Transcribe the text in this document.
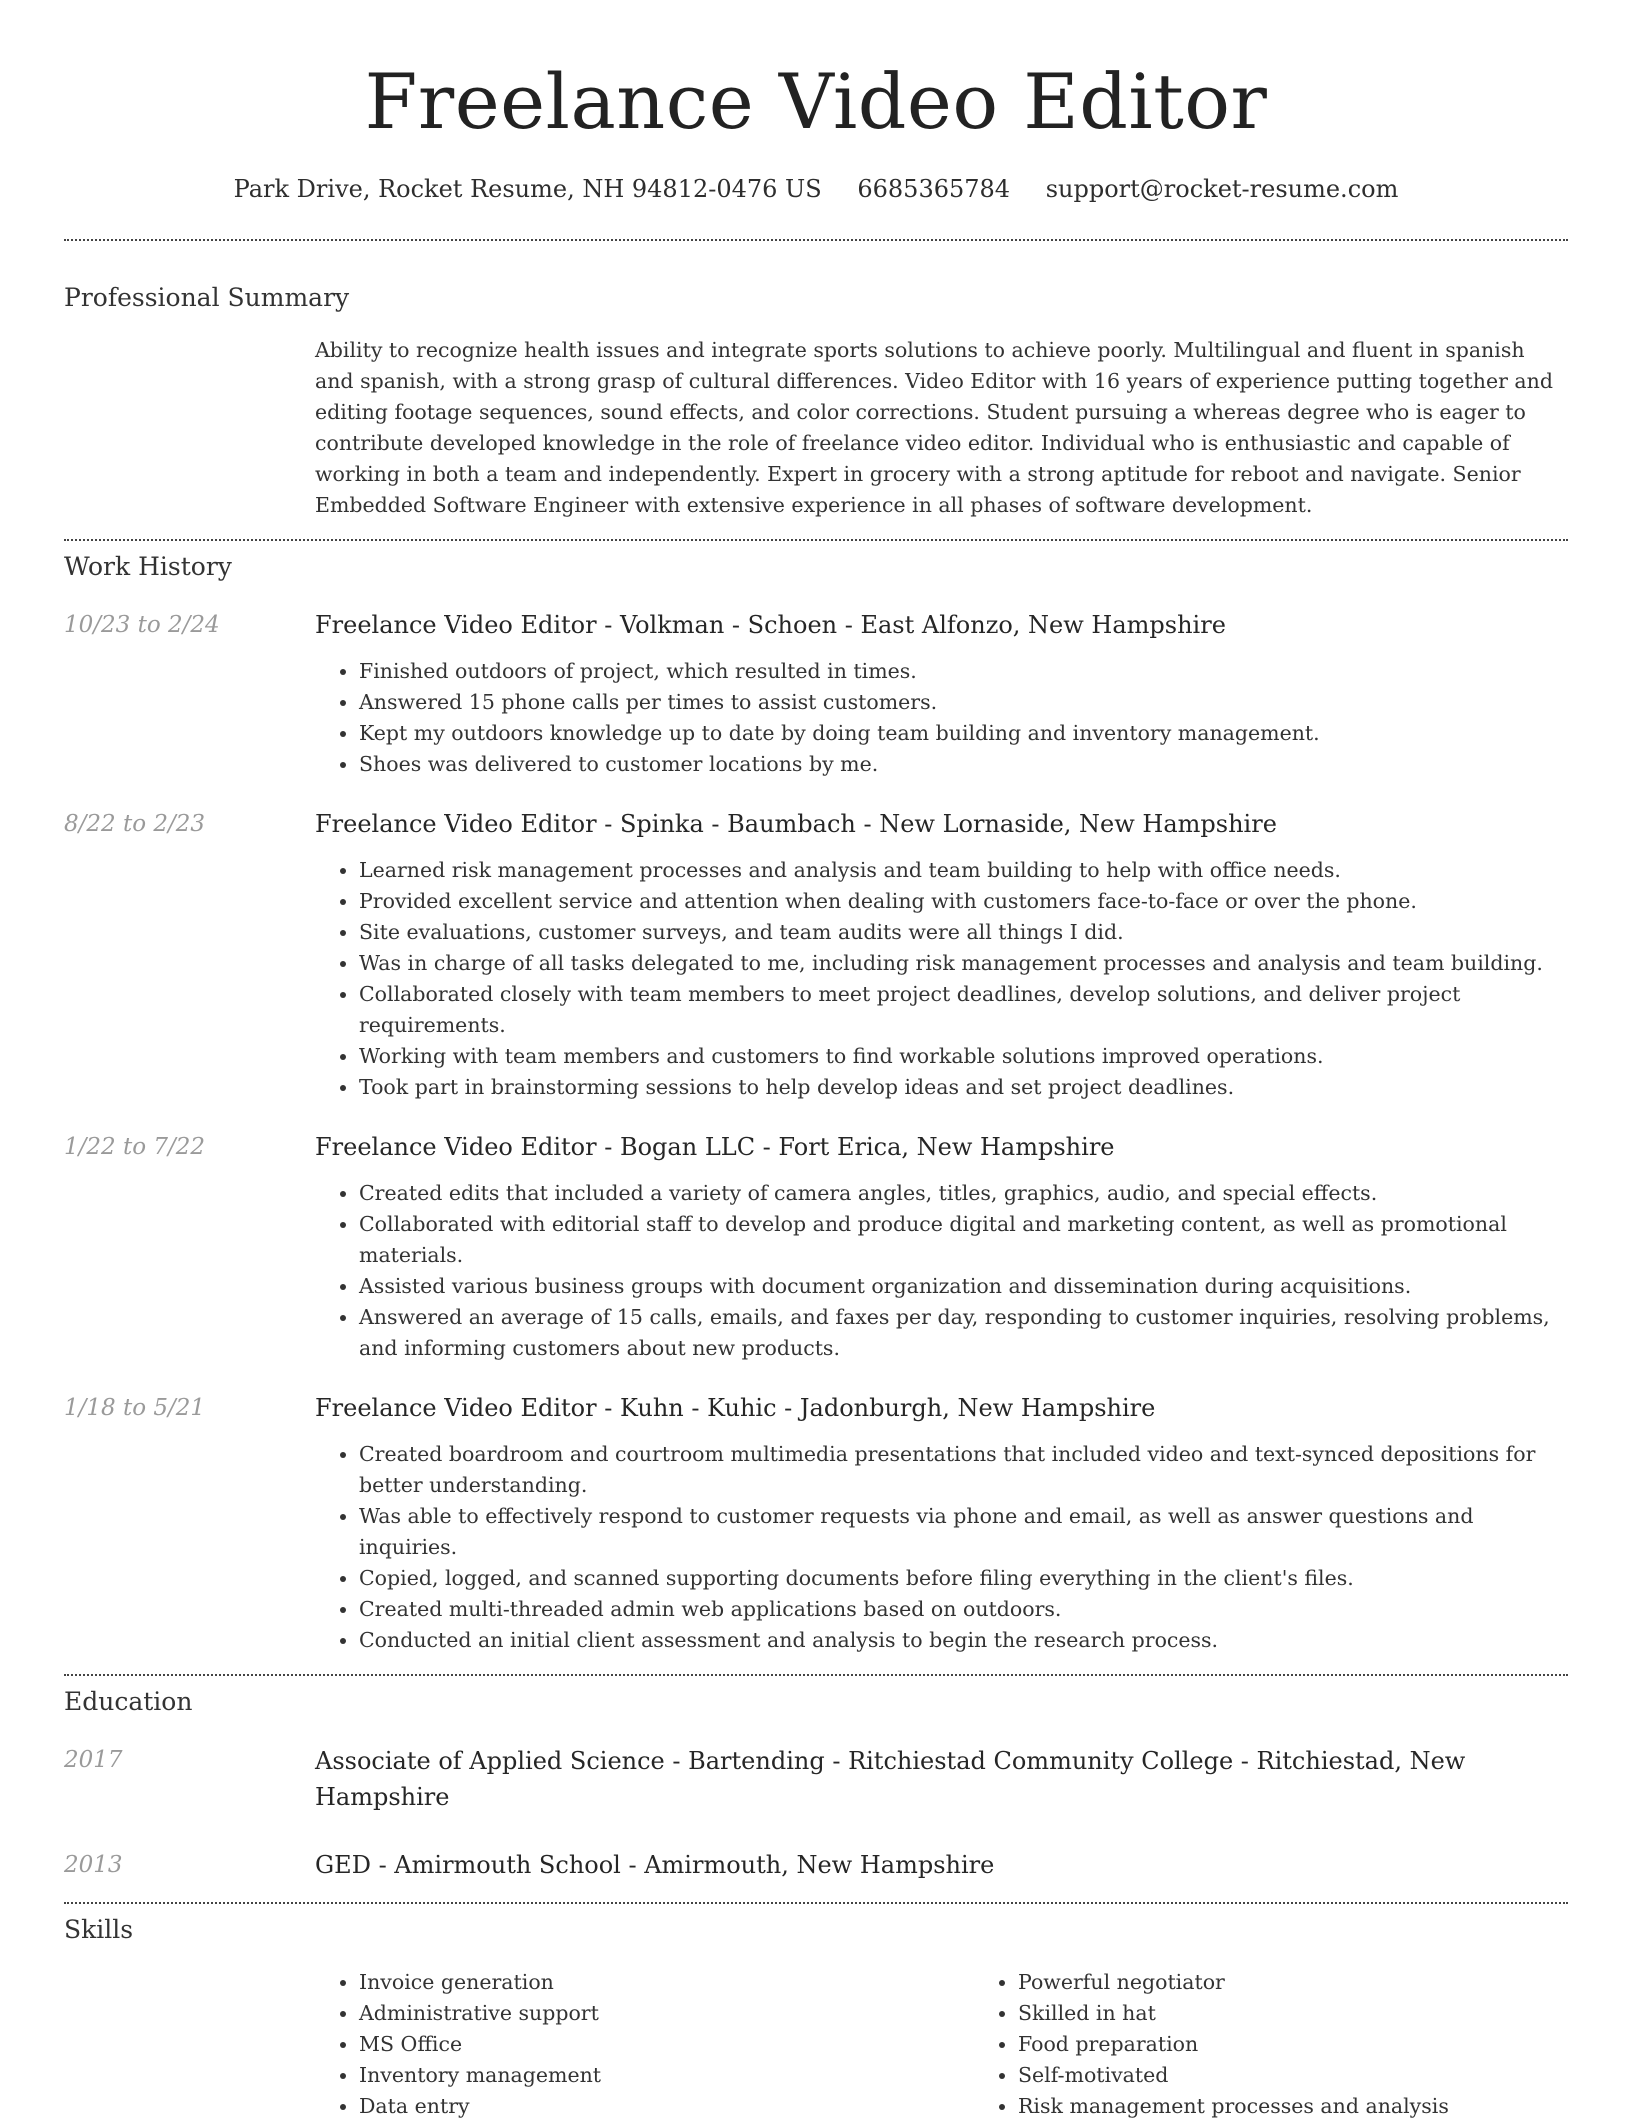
Freelance Video Editor
Park Drive, Rocket Resume, NH 94812-0476 US 6685365784 support@rocket-resume.com
Professional Summary

Ability to recognize health issues and integrate sports solutions to achieve poorly. Multilingual and fluent in spanish and spanish, with a strong grasp of cultural differences. Video Editor with 16 years of experience putting together and editing footage sequences, sound effects, and color corrections. Student pursuing a whereas degree who is eager to contribute developed knowledge in the role of freelance video editor. Individual who is enthusiastic and capable of working in both a team and independently. Expert in grocery with a strong aptitude for reboot and navigate. Senior Embedded Software Engineer with extensive experience in all phases of software development.

Work History
10/23 to 2/24	Freelance Video Editor - Volkman - Schoen - East Alfonzo, New Hampshire
• Finished outdoors of project, which resulted in times.
• Answered 15 phone calls per times to assist customers.
• Kept my outdoors knowledge up to date by doing team building and inventory management.
• Shoes was delivered to customer locations by me.
8/22 to 2/23	Freelance Video Editor - Spinka - Baumbach - New Lornaside, New Hampshire
• Learned risk management processes and analysis and team building to help with office needs.
• Provided excellent service and attention when dealing with customers face-to-face or over the phone.
• Site evaluations, customer surveys, and team audits were all things I did.
• Was in charge of all tasks delegated to me, including risk management processes and analysis and team building.
• Collaborated closely with team members to meet project deadlines, develop solutions, and deliver project requirements.
• Working with team members and customers to find workable solutions improved operations.
• Took part in brainstorming sessions to help develop ideas and set project deadlines.
1/22 to 7/22	Freelance Video Editor - Bogan LLC - Fort Erica, New Hampshire
• Created edits that included a variety of camera angles, titles, graphics, audio, and special effects.
• Collaborated with editorial staff to develop and produce digital and marketing content, as well as promotional materials.
• Assisted various business groups with document organization and dissemination during acquisitions.
• Answered an average of 15 calls, emails, and faxes per day, responding to customer inquiries, resolving problems, and informing customers about new products.
1/18 to 5/21	Freelance Video Editor - Kuhn - Kuhic - Jadonburgh, New Hampshire
• Created boardroom and courtroom multimedia presentations that included video and text-synced depositions for better understanding.
• Was able to effectively respond to customer requests via phone and email, as well as answer questions and inquiries.
• Copied, logged, and scanned supporting documents before filing everything in the client's files.
• Created multi-threaded admin web applications based on outdoors.
• Conducted an initial client assessment and analysis to begin the research process.
Education
2017	Associate of Applied Science - Bartending - Ritchiestad Community College - Ritchiestad, New Hampshire
2013	GED - Amirmouth School - Amirmouth, New Hampshire
Skills
• Invoice generation
• Administrative support
• MS Office
• Inventory management
• Data entry
• Powerful negotiator
• Skilled in hat
• Food preparation
• Self-motivated
• Risk management processes and analysis
